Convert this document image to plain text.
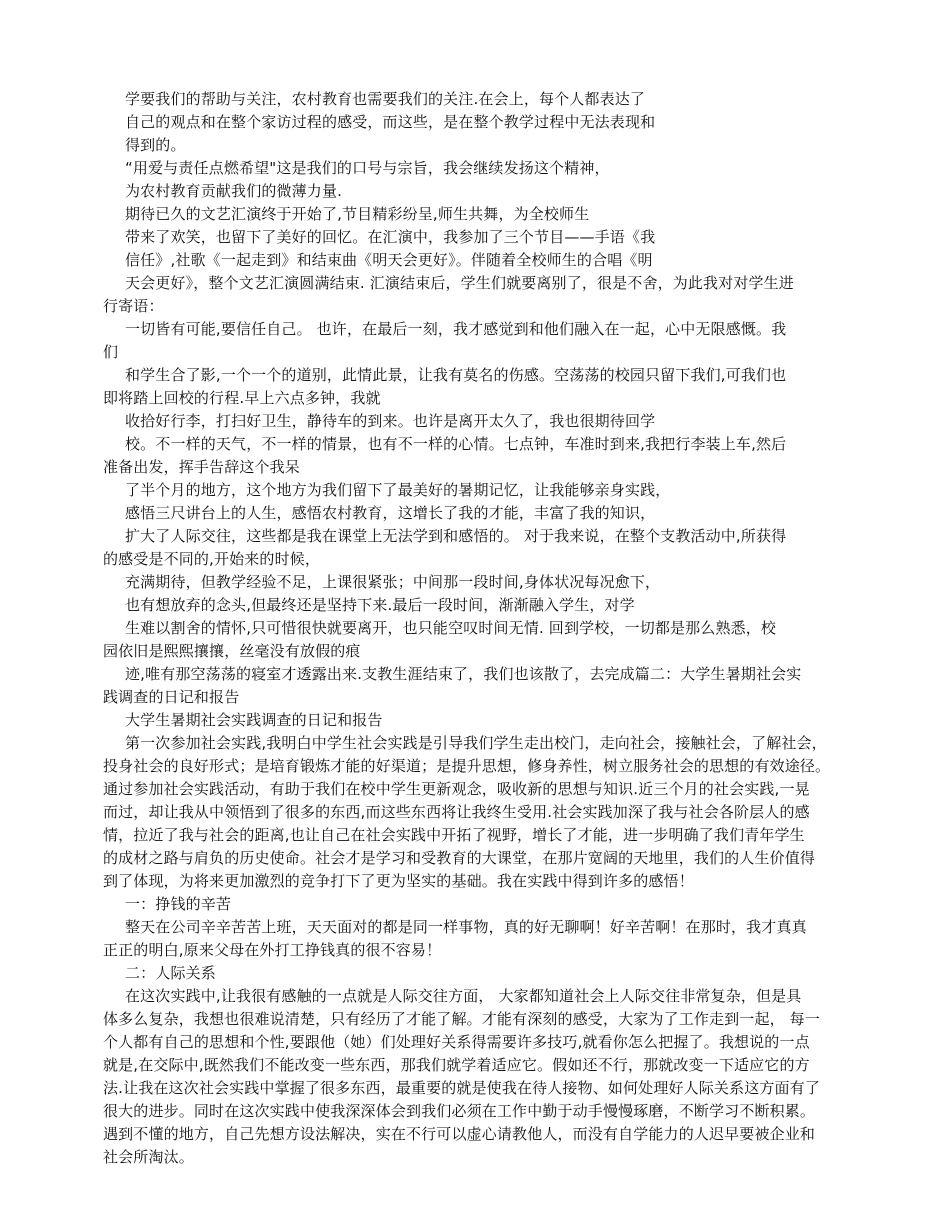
学要我们的帮助与关注，农村教育也需要我们的关注.在会上，每个人都表达了
自己的观点和在整个家访过程的感受，而这些，是在整个教学过程中无法表现和
得到的。
“用爱与责任点燃希望"这是我们的口号与宗旨，我会继续发扬这个精神，
为农村教育贡献我们的微薄力量.
期待已久的文艺汇演终于开始了,节目精彩纷呈,师生共舞，为全校师生
带来了欢笑，也留下了美好的回忆。在汇演中，我参加了三个节目——手语《我
信任》,社歌《一起走到》和结束曲《明天会更好》。伴随着全校师生的合唱《明
天会更好》，整个文艺汇演圆满结束. 汇演结束后，学生们就要离别了，很是不舍，为此我对对学生进
行寄语：
一切皆有可能,要信任自己。 也许，在最后一刻，我才感觉到和他们融入在一起，心中无限感慨。我
们
和学生合了影,一个一个的道别，此情此景，让我有莫名的伤感。空荡荡的校园只留下我们,可我们也
即将踏上回校的行程.早上六点多钟，我就
收拾好行李，打扫好卫生，静待车的到来。也许是离开太久了，我也很期待回学
校。不一样的天气，不一样的情景，也有不一样的心情。七点钟，车准时到来,我把行李装上车,然后
准备出发，挥手告辞这个我呆
了半个月的地方，这个地方为我们留下了最美好的暑期记忆，让我能够亲身实践，
感悟三尺讲台上的人生，感悟农村教育，这增长了我的才能，丰富了我的知识，
扩大了人际交往，这些都是我在课堂上无法学到和感悟的。 对于我来说，在整个支教活动中,所获得
的感受是不同的,开始来的时候，
充满期待，但教学经验不足，上课很紧张；中间那一段时间,身体状况每况愈下，
也有想放弃的念头,但最终还是坚持下来.最后一段时间，渐渐融入学生，对学
生难以割舍的情怀,只可惜很快就要离开，也只能空叹时间无情. 回到学校，一切都是那么熟悉，校
园依旧是熙熙攘攘，丝毫没有放假的痕
迹,唯有那空荡荡的寝室才透露出来.支教生涯结束了，我们也该散了，去完成篇二：大学生暑期社会实
践调查的日记和报告
大学生暑期社会实践调查的日记和报告
第一次参加社会实践,我明白中学生社会实践是引导我们学生走出校门，走向社会，接触社会，了解社会，
投身社会的良好形式；是培育锻炼才能的好渠道；是提升思想，修身养性，树立服务社会的思想的有效途径。
通过参加社会实践活动，有助于我们在校中学生更新观念，吸收新的思想与知识.近三个月的社会实践,一晃
而过，却让我从中领悟到了很多的东西,而这些东西将让我终生受用.社会实践加深了我与社会各阶层人的感
情，拉近了我与社会的距离,也让自己在社会实践中开拓了视野，增长了才能，进一步明确了我们青年学生
的成材之路与肩负的历史使命。社会才是学习和受教育的大课堂，在那片宽阔的天地里，我们的人生价值得
到了体现，为将来更加激烈的竞争打下了更为坚实的基础。我在实践中得到许多的感悟！
一：挣钱的辛苦
整天在公司辛辛苦苦上班，天天面对的都是同一样事物，真的好无聊啊！好辛苦啊！在那时，我才真真
正正的明白,原来父母在外打工挣钱真的很不容易！
二：人际关系
在这次实践中,让我很有感触的一点就是人际交往方面， 大家都知道社会上人际交往非常复杂，但是具
体多么复杂，我想也很难说清楚，只有经历了才能了解。才能有深刻的感受，大家为了工作走到一起， 每一
个人都有自己的思想和个性,要跟他（她）们处理好关系得需要许多技巧,就看你怎么把握了。我想说的一点
就是,在交际中,既然我们不能改变一些东西，那我们就学着适应它。假如还不行，那就改变一下适应它的方
法.让我在这次社会实践中掌握了很多东西，最重要的就是使我在待人接物、如何处理好人际关系这方面有了
很大的进步。同时在这次实践中使我深深体会到我们必须在工作中勤于动手慢慢琢磨，不断学习不断积累。
遇到不懂的地方，自己先想方设法解决，实在不行可以虚心请教他人，而没有自学能力的人迟早要被企业和
社会所淘汰。
